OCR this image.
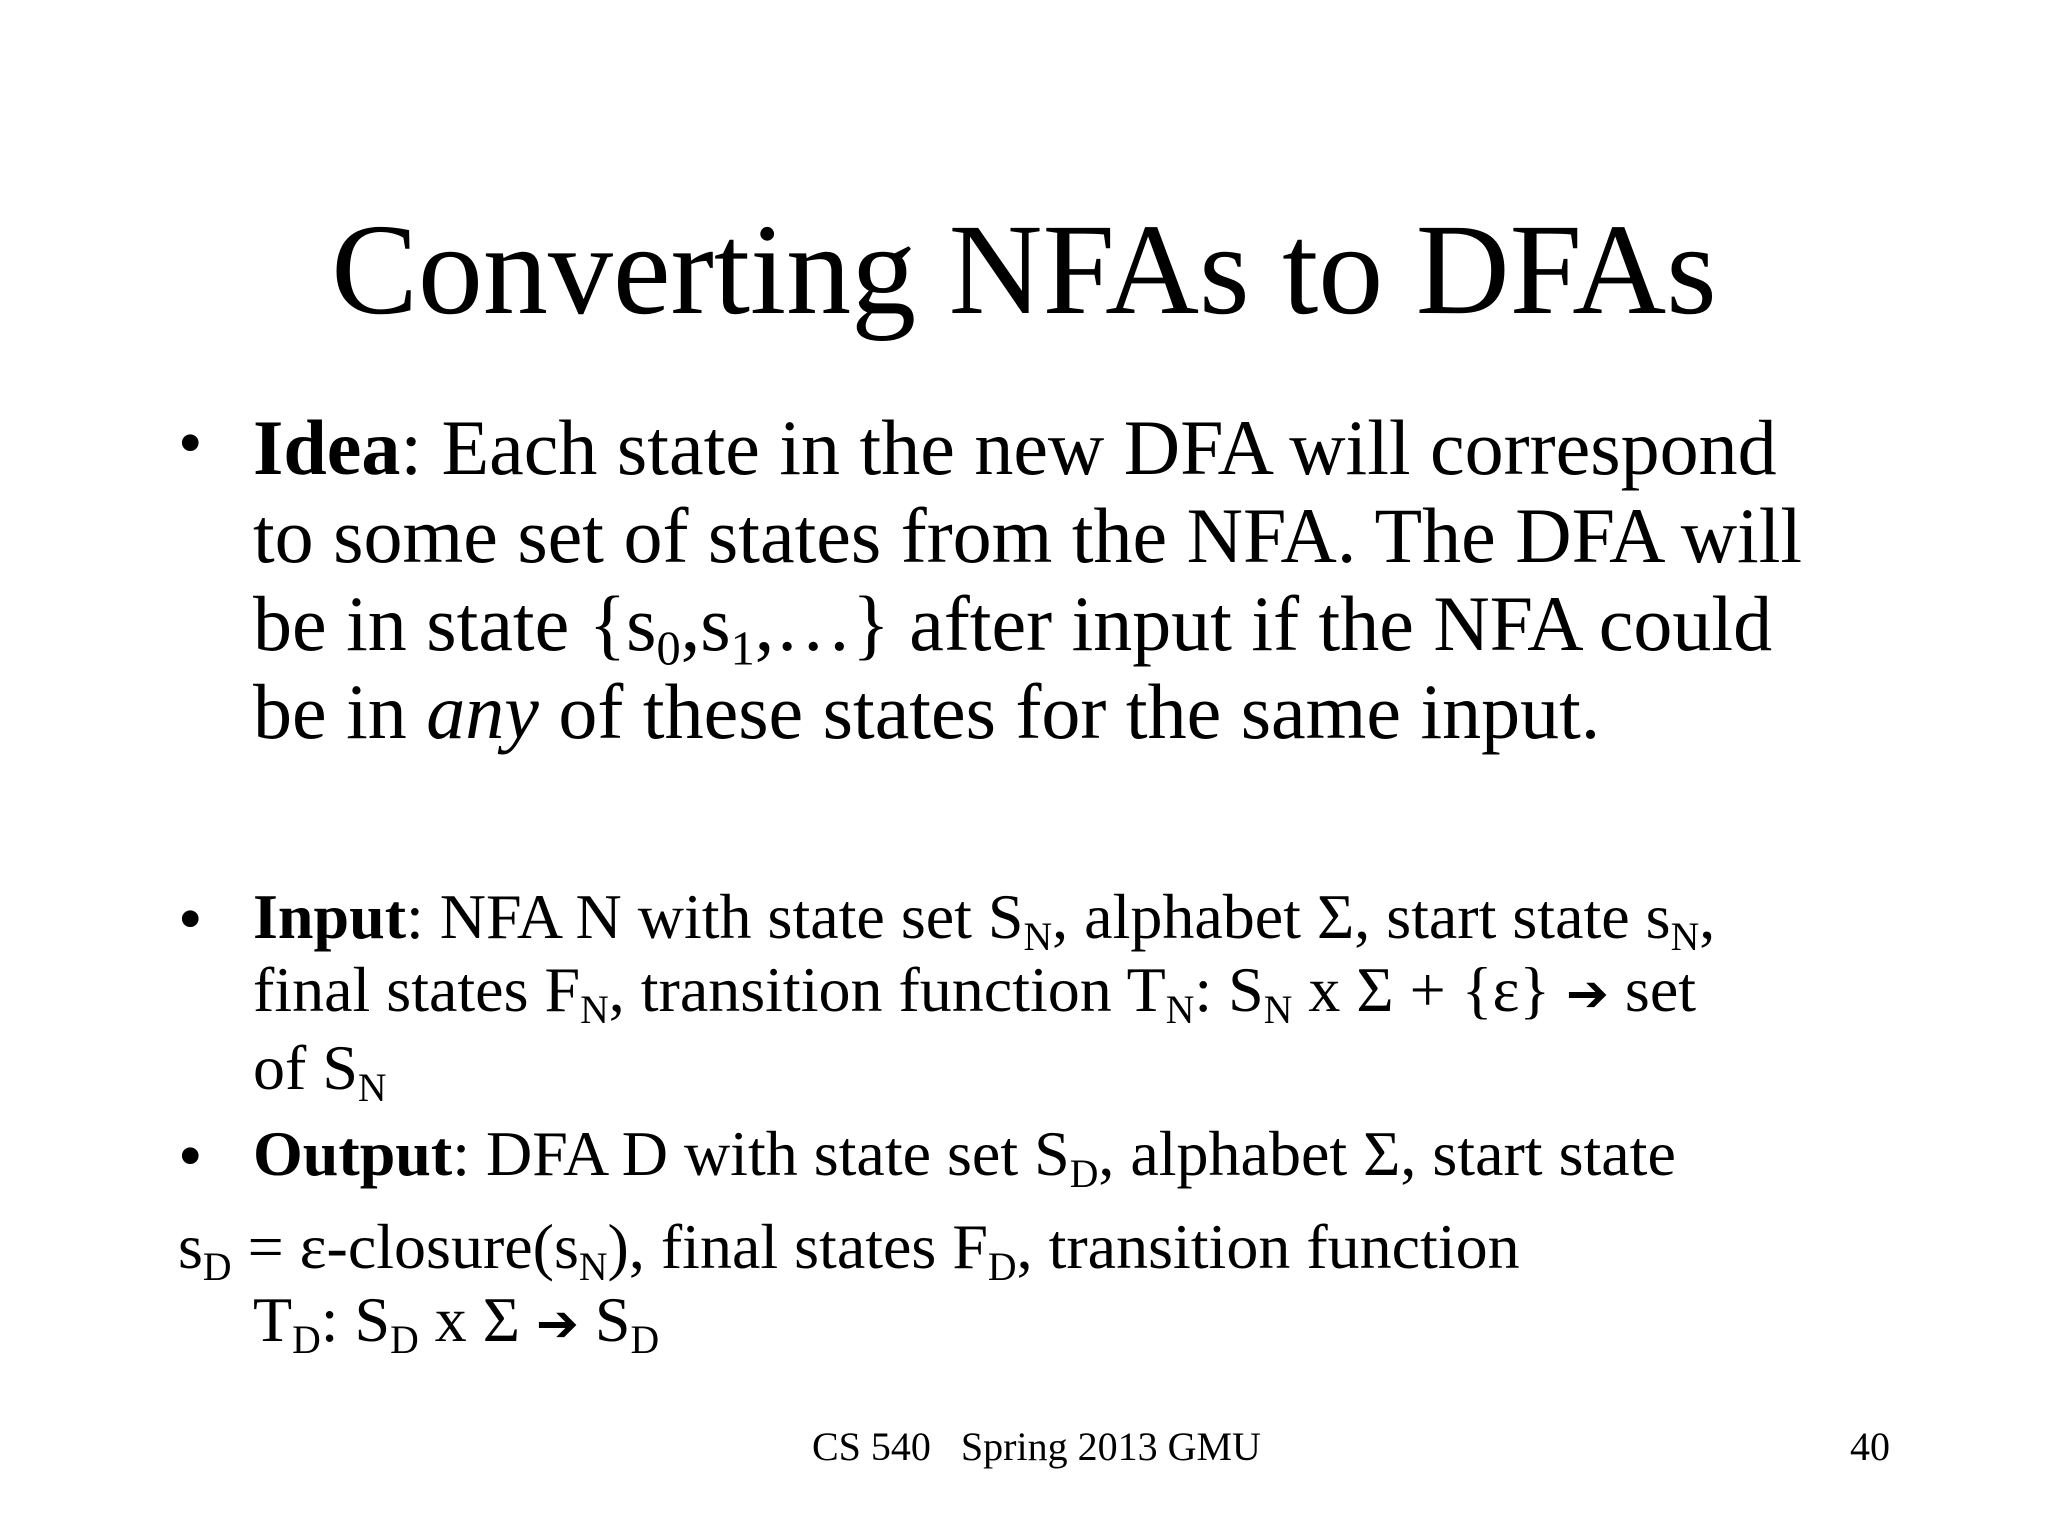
Converting NFAs to DFAs
• Idea: Each state in the new DFA will correspond
to some set of states from the NFA. The DFA will
be in state $\{s_0,s_1,\dots\}$ after input if the NFA could
be in any of these states for the same input.
• Input: NFA N with state set $S_N$, alphabet Σ, start state $s_N$,
final states $F_N$, transition function $T_N$: $S_N$ x Σ + {ε} ➔ set
of $S_N$
• Output: DFA D with state set $S_D$, alphabet Σ, start state
$s_D$ = $\varepsilon-closure(s_N)$, final states $F_D$, transition function
$T_D$: $S_D$ x Σ ➔ $S_D$
CS 540   Spring 2013 GMU	40
